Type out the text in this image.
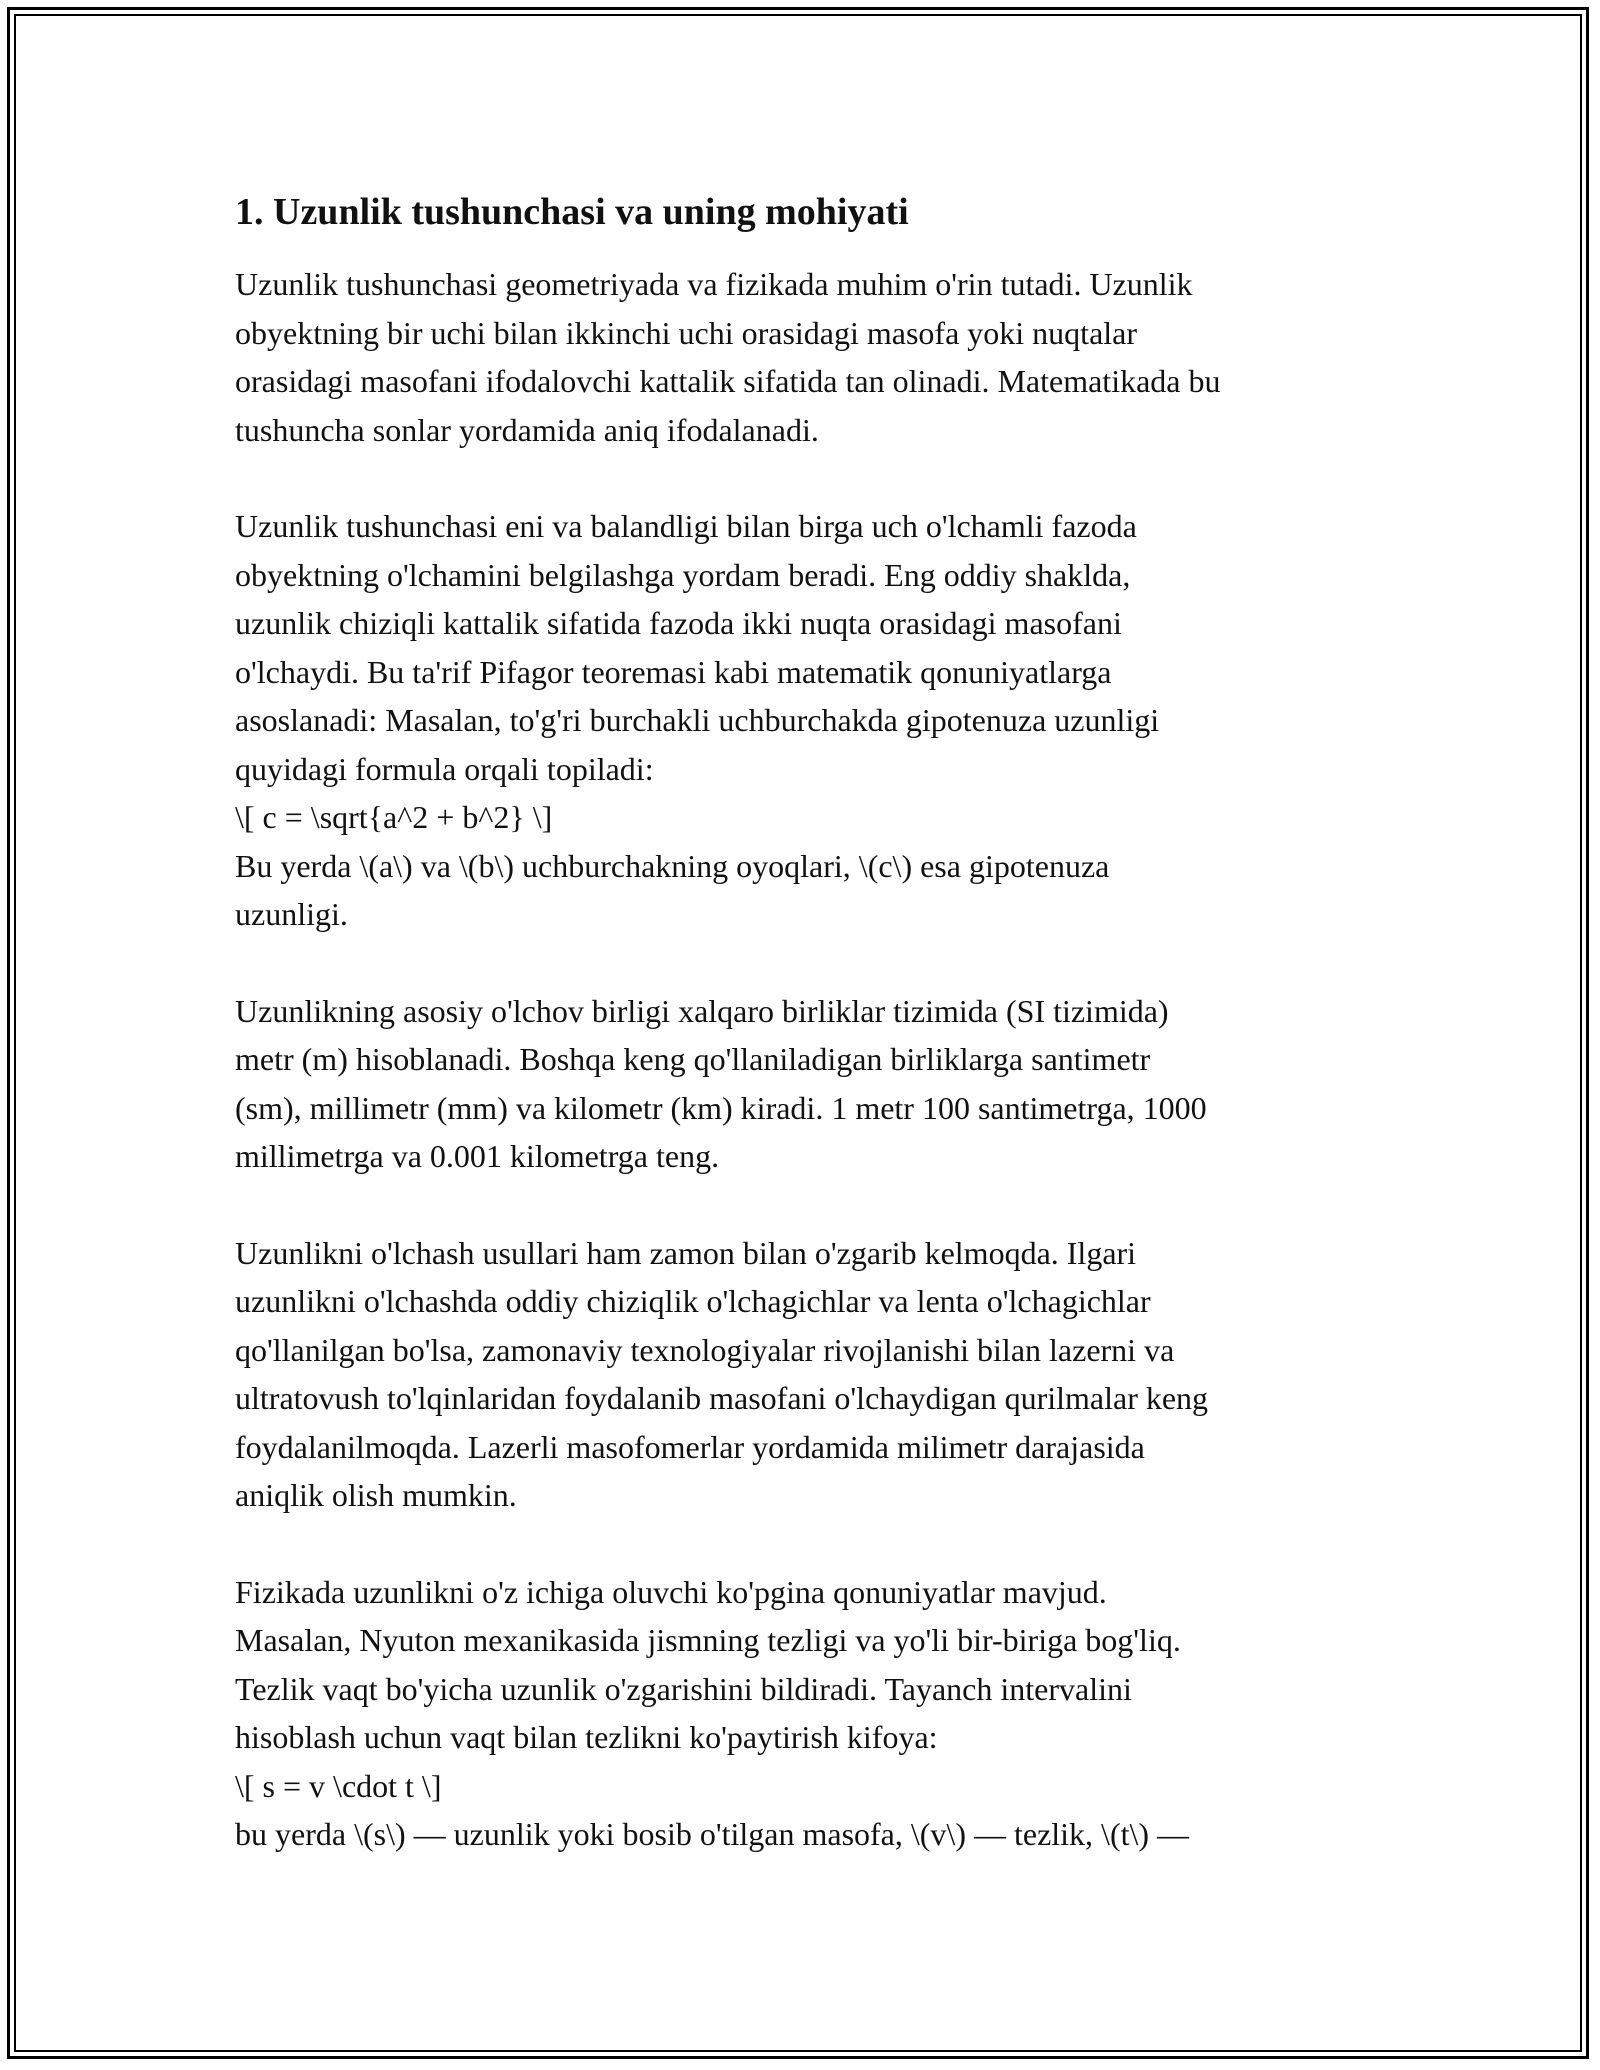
1. Uzunlik tushunchasi va uning mohiyati

Uzunlik tushunchasi geometriyada va fizikada muhim o'rin tutadi. Uzunlik
obyektning bir uchi bilan ikkinchi uchi orasidagi masofa yoki nuqtalar
orasidagi masofani ifodalovchi kattalik sifatida tan olinadi. Matematikada bu
tushuncha sonlar yordamida aniq ifodalanadi.

Uzunlik tushunchasi eni va balandligi bilan birga uch o'lchamli fazoda
obyektning o'lchamini belgilashga yordam beradi. Eng oddiy shaklda,
uzunlik chiziqli kattalik sifatida fazoda ikki nuqta orasidagi masofani
o'lchaydi. Bu ta'rif Pifagor teoremasi kabi matematik qonuniyatlarga
asoslanadi: Masalan, to'g'ri burchakli uchburchakda gipotenuza uzunligi
quyidagi formula orqali topiladi:
\[ c = \sqrt{a^2 + b^2} \]
Bu yerda \(a\) va \(b\) uchburchakning oyoqlari, \(c\) esa gipotenuza
uzunligi.

Uzunlikning asosiy o'lchov birligi xalqaro birliklar tizimida (SI tizimida)
metr (m) hisoblanadi. Boshqa keng qo'llaniladigan birliklarga santimetr
(sm), millimetr (mm) va kilometr (km) kiradi. 1 metr 100 santimetrga, 1000
millimetrga va 0.001 kilometrga teng.

Uzunlikni o'lchash usullari ham zamon bilan o'zgarib kelmoqda. Ilgari
uzunlikni o'lchashda oddiy chiziqlik o'lchagichlar va lenta o'lchagichlar
qo'llanilgan bo'lsa, zamonaviy texnologiyalar rivojlanishi bilan lazerni va
ultratovush to'lqinlaridan foydalanib masofani o'lchaydigan qurilmalar keng
foydalanilmoqda. Lazerli masofomerlar yordamida milimetr darajasida
aniqlik olish mumkin.

Fizikada uzunlikni o'z ichiga oluvchi ko'pgina qonuniyatlar mavjud.
Masalan, Nyuton mexanikasida jismning tezligi va yo'li bir-biriga bog'liq.
Tezlik vaqt bo'yicha uzunlik o'zgarishini bildiradi. Tayanch intervalini
hisoblash uchun vaqt bilan tezlikni ko'paytirish kifoya:
\[ s = v \cdot t \]
bu yerda \(s\) — uzunlik yoki bosib o'tilgan masofa, \(v\) — tezlik, \(t\) —
